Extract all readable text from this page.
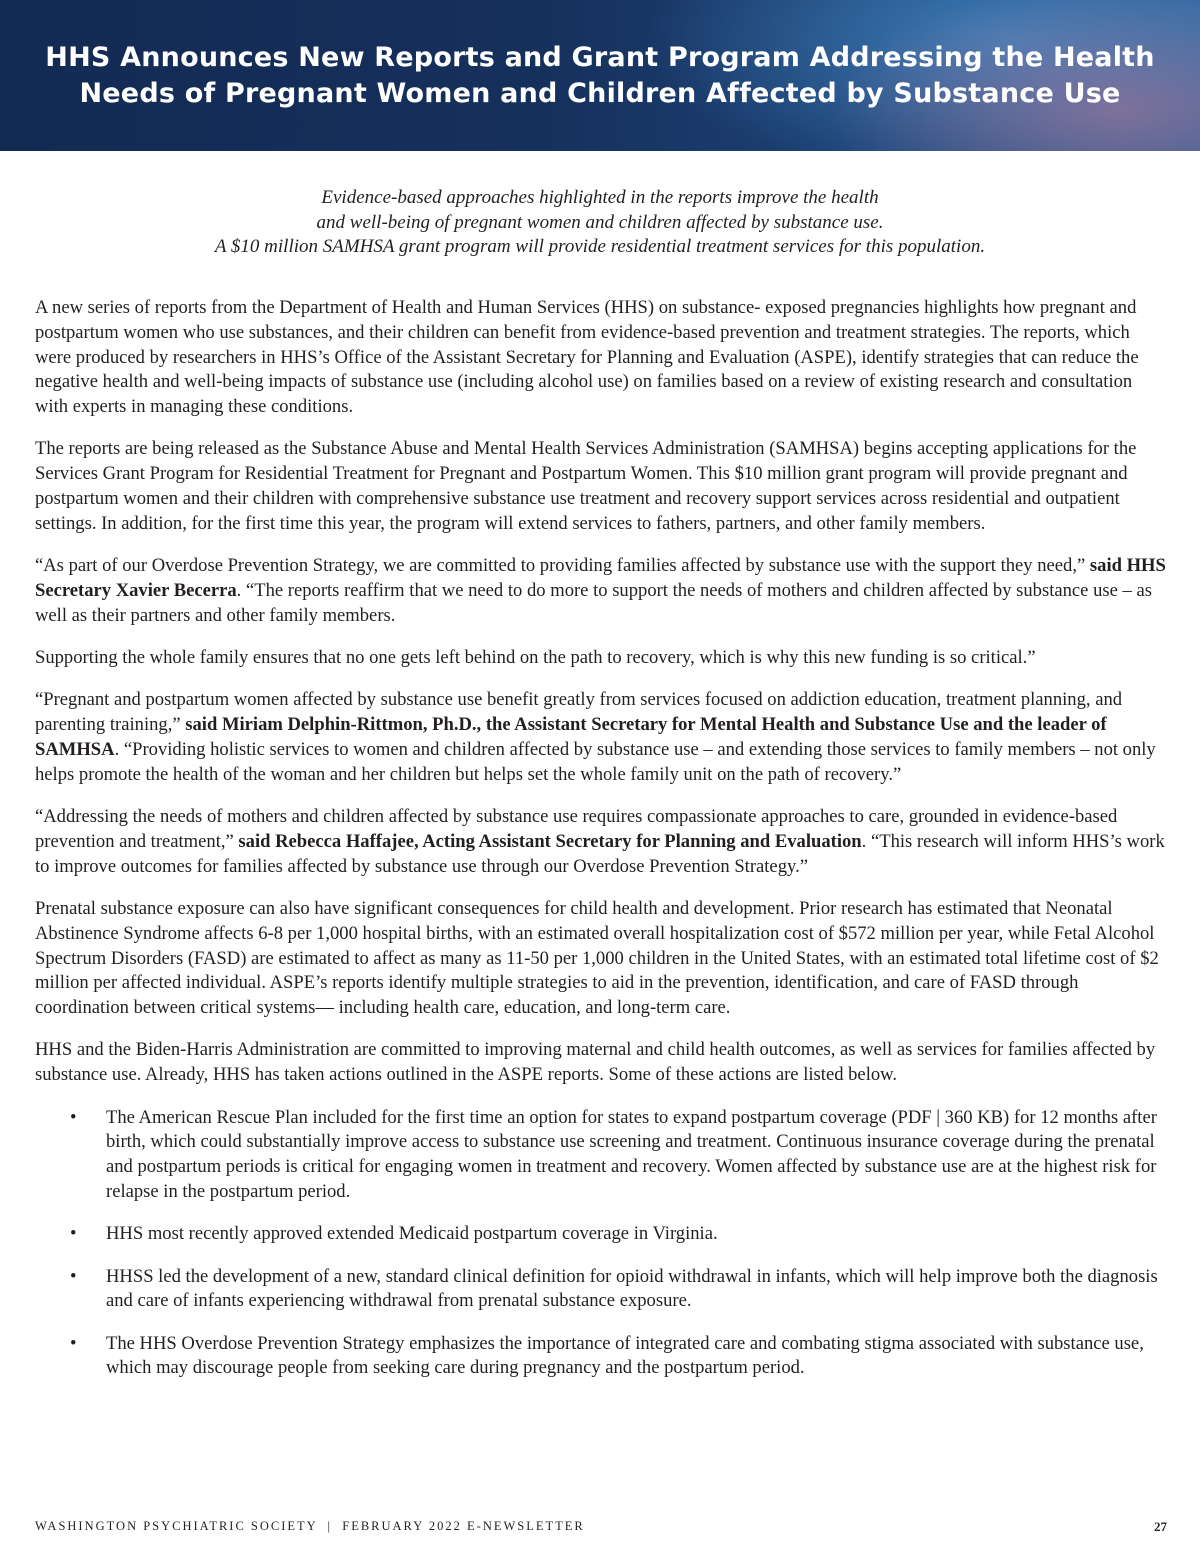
HHS Announces New Reports and Grant Program Addressing the Health Needs of Pregnant Women and Children Affected by Substance Use
Evidence-based approaches highlighted in the reports improve the health
and well-being of pregnant women and children affected by substance use.
A $10 million SAMHSA grant program will provide residential treatment services for this population.

A new series of reports from the Department of Health and Human Services (HHS) on substance- exposed pregnancies highlights how pregnant and postpartum women who use substances, and their children can benefit from evidence-based prevention and treatment strategies. The reports, which were produced by researchers in HHS’s Office of the Assistant Secretary for Planning and Evaluation (ASPE), identify strategies that can reduce the negative health and well-being impacts of substance use (including alcohol use) on families based on a review of existing research and consultation with experts in managing these conditions.

The reports are being released as the Substance Abuse and Mental Health Services Administration (SAMHSA) begins accepting applications for the Services Grant Program for Residential Treatment for Pregnant and Postpartum Women. This $10 million grant program will provide pregnant and postpartum women and their children with comprehensive substance use treatment and recovery support services across residential and outpatient settings. In addition, for the first time this year, the program will extend services to fathers, partners, and other family members.

“As part of our Overdose Prevention Strategy, we are committed to providing families affected by substance use with the support they need,” said HHS Secretary Xavier Becerra. “The reports reaffirm that we need to do more to support the needs of mothers and children affected by substance use – as well as their partners and other family members.

Supporting the whole family ensures that no one gets left behind on the path to recovery, which is why this new funding is so critical.”

“Pregnant and postpartum women affected by substance use benefit greatly from services focused on addiction education, treatment planning, and parenting training,” said Miriam Delphin-Rittmon, Ph.D., the Assistant Secretary for Mental Health and Substance Use and the leader of SAMHSA. “Providing holistic services to women and children affected by substance use – and extending those services to family members – not only helps promote the health of the woman and her children but helps set the whole family unit on the path of recovery.”

“Addressing the needs of mothers and children affected by substance use requires compassionate approaches to care, grounded in evidence-based prevention and treatment,” said Rebecca Haffajee, Acting Assistant Secretary for Planning and Evaluation. “This research will inform HHS’s work to improve outcomes for families affected by substance use through our Overdose Prevention Strategy.”

Prenatal substance exposure can also have significant consequences for child health and development. Prior research has estimated that Neonatal Abstinence Syndrome affects 6-8 per 1,000 hospital births, with an estimated overall hospitalization cost of $572 million per year, while Fetal Alcohol Spectrum Disorders (FASD) are estimated to affect as many as 11-50 per 1,000 children in the United States, with an estimated total lifetime cost of $2 million per affected individual. ASPE’s reports identify multiple strategies to aid in the prevention, identification, and care of FASD through coordination between critical systems— including health care, education, and long-term care.

HHS and the Biden-Harris Administration are committed to improving maternal and child health outcomes, as well as services for families affected by substance use. Already, HHS has taken actions outlined in the ASPE reports. Some of these actions are listed below.

• The American Rescue Plan included for the first time an option for states to expand postpartum coverage (PDF | 360 KB) for 12 months after birth, which could substantially improve access to substance use screening and treatment. Continuous insurance coverage during the prenatal and postpartum periods is critical for engaging women in treatment and recovery. Women affected by substance use are at the highest risk for relapse in the postpartum period.
• HHS most recently approved extended Medicaid postpartum coverage in Virginia.
• HHSS led the development of a new, standard clinical definition for opioid withdrawal in infants, which will help improve both the diagnosis and care of infants experiencing withdrawal from prenatal substance exposure.
• The HHS Overdose Prevention Strategy emphasizes the importance of integrated care and combating stigma associated with substance use, which may discourage people from seeking care during pregnancy and the postpartum period.
WASHINGTON PSYCHIATRIC SOCIETY  |  FEBRUARY 2022 E-NEWSLETTER	27
